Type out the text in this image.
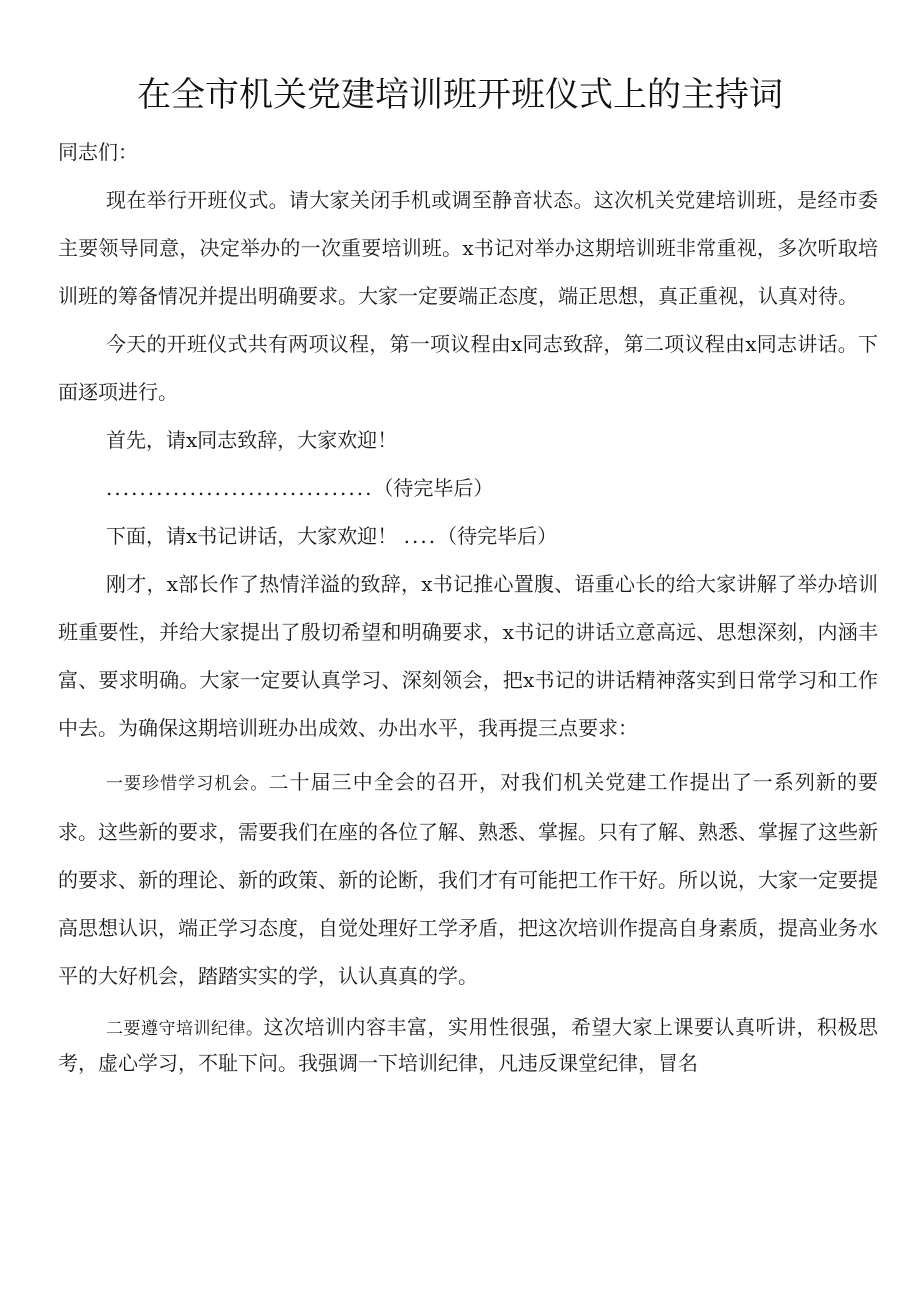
在全市机关党建培训班开班仪式上的主持词

同志们：

现在举行开班仪式。请大家关闭手机或调至静音状态。这次机关党建培训班，是经市委主要领导同意，决定举办的一次重要培训班。x书记对举办这期培训班非常重视，多次听取培训班的筹备情况并提出明确要求。大家一定要端正态度，端正思想，真正重视，认真对待。

今天的开班仪式共有两项议程，第一项议程由x同志致辞，第二项议程由x同志讲话。下面逐项进行。

首先，请x同志致辞，大家欢迎！

................................（待完毕后）

下面，请x书记讲话，大家欢迎！ ....（待完毕后）

刚才，x部长作了热情洋溢的致辞，x书记推心置腹、语重心长的给大家讲解了举办培训班重要性，并给大家提出了殷切希望和明确要求，x书记的讲话立意高远、思想深刻，内涵丰富、要求明确。大家一定要认真学习、深刻领会，把x书记的讲话精神落实到日常学习和工作中去。为确保这期培训班办出成效、办出水平，我再提三点要求：

一要珍惜学习机会。二十届三中全会的召开，对我们机关党建工作提出了一系列新的要求。这些新的要求，需要我们在座的各位了解、熟悉、掌握。只有了解、熟悉、掌握了这些新的要求、新的理论、新的政策、新的论断，我们才有可能把工作干好。所以说，大家一定要提高思想认识，端正学习态度，自觉处理好工学矛盾，把这次培训作提高自身素质，提高业务水平的大好机会，踏踏实实的学，认认真真的学。

二要遵守培训纪律。这次培训内容丰富，实用性很强，希望大家上课要认真听讲，积极思考，虚心学习，不耻下问。我强调一下培训纪律，凡违反课堂纪律，冒名
